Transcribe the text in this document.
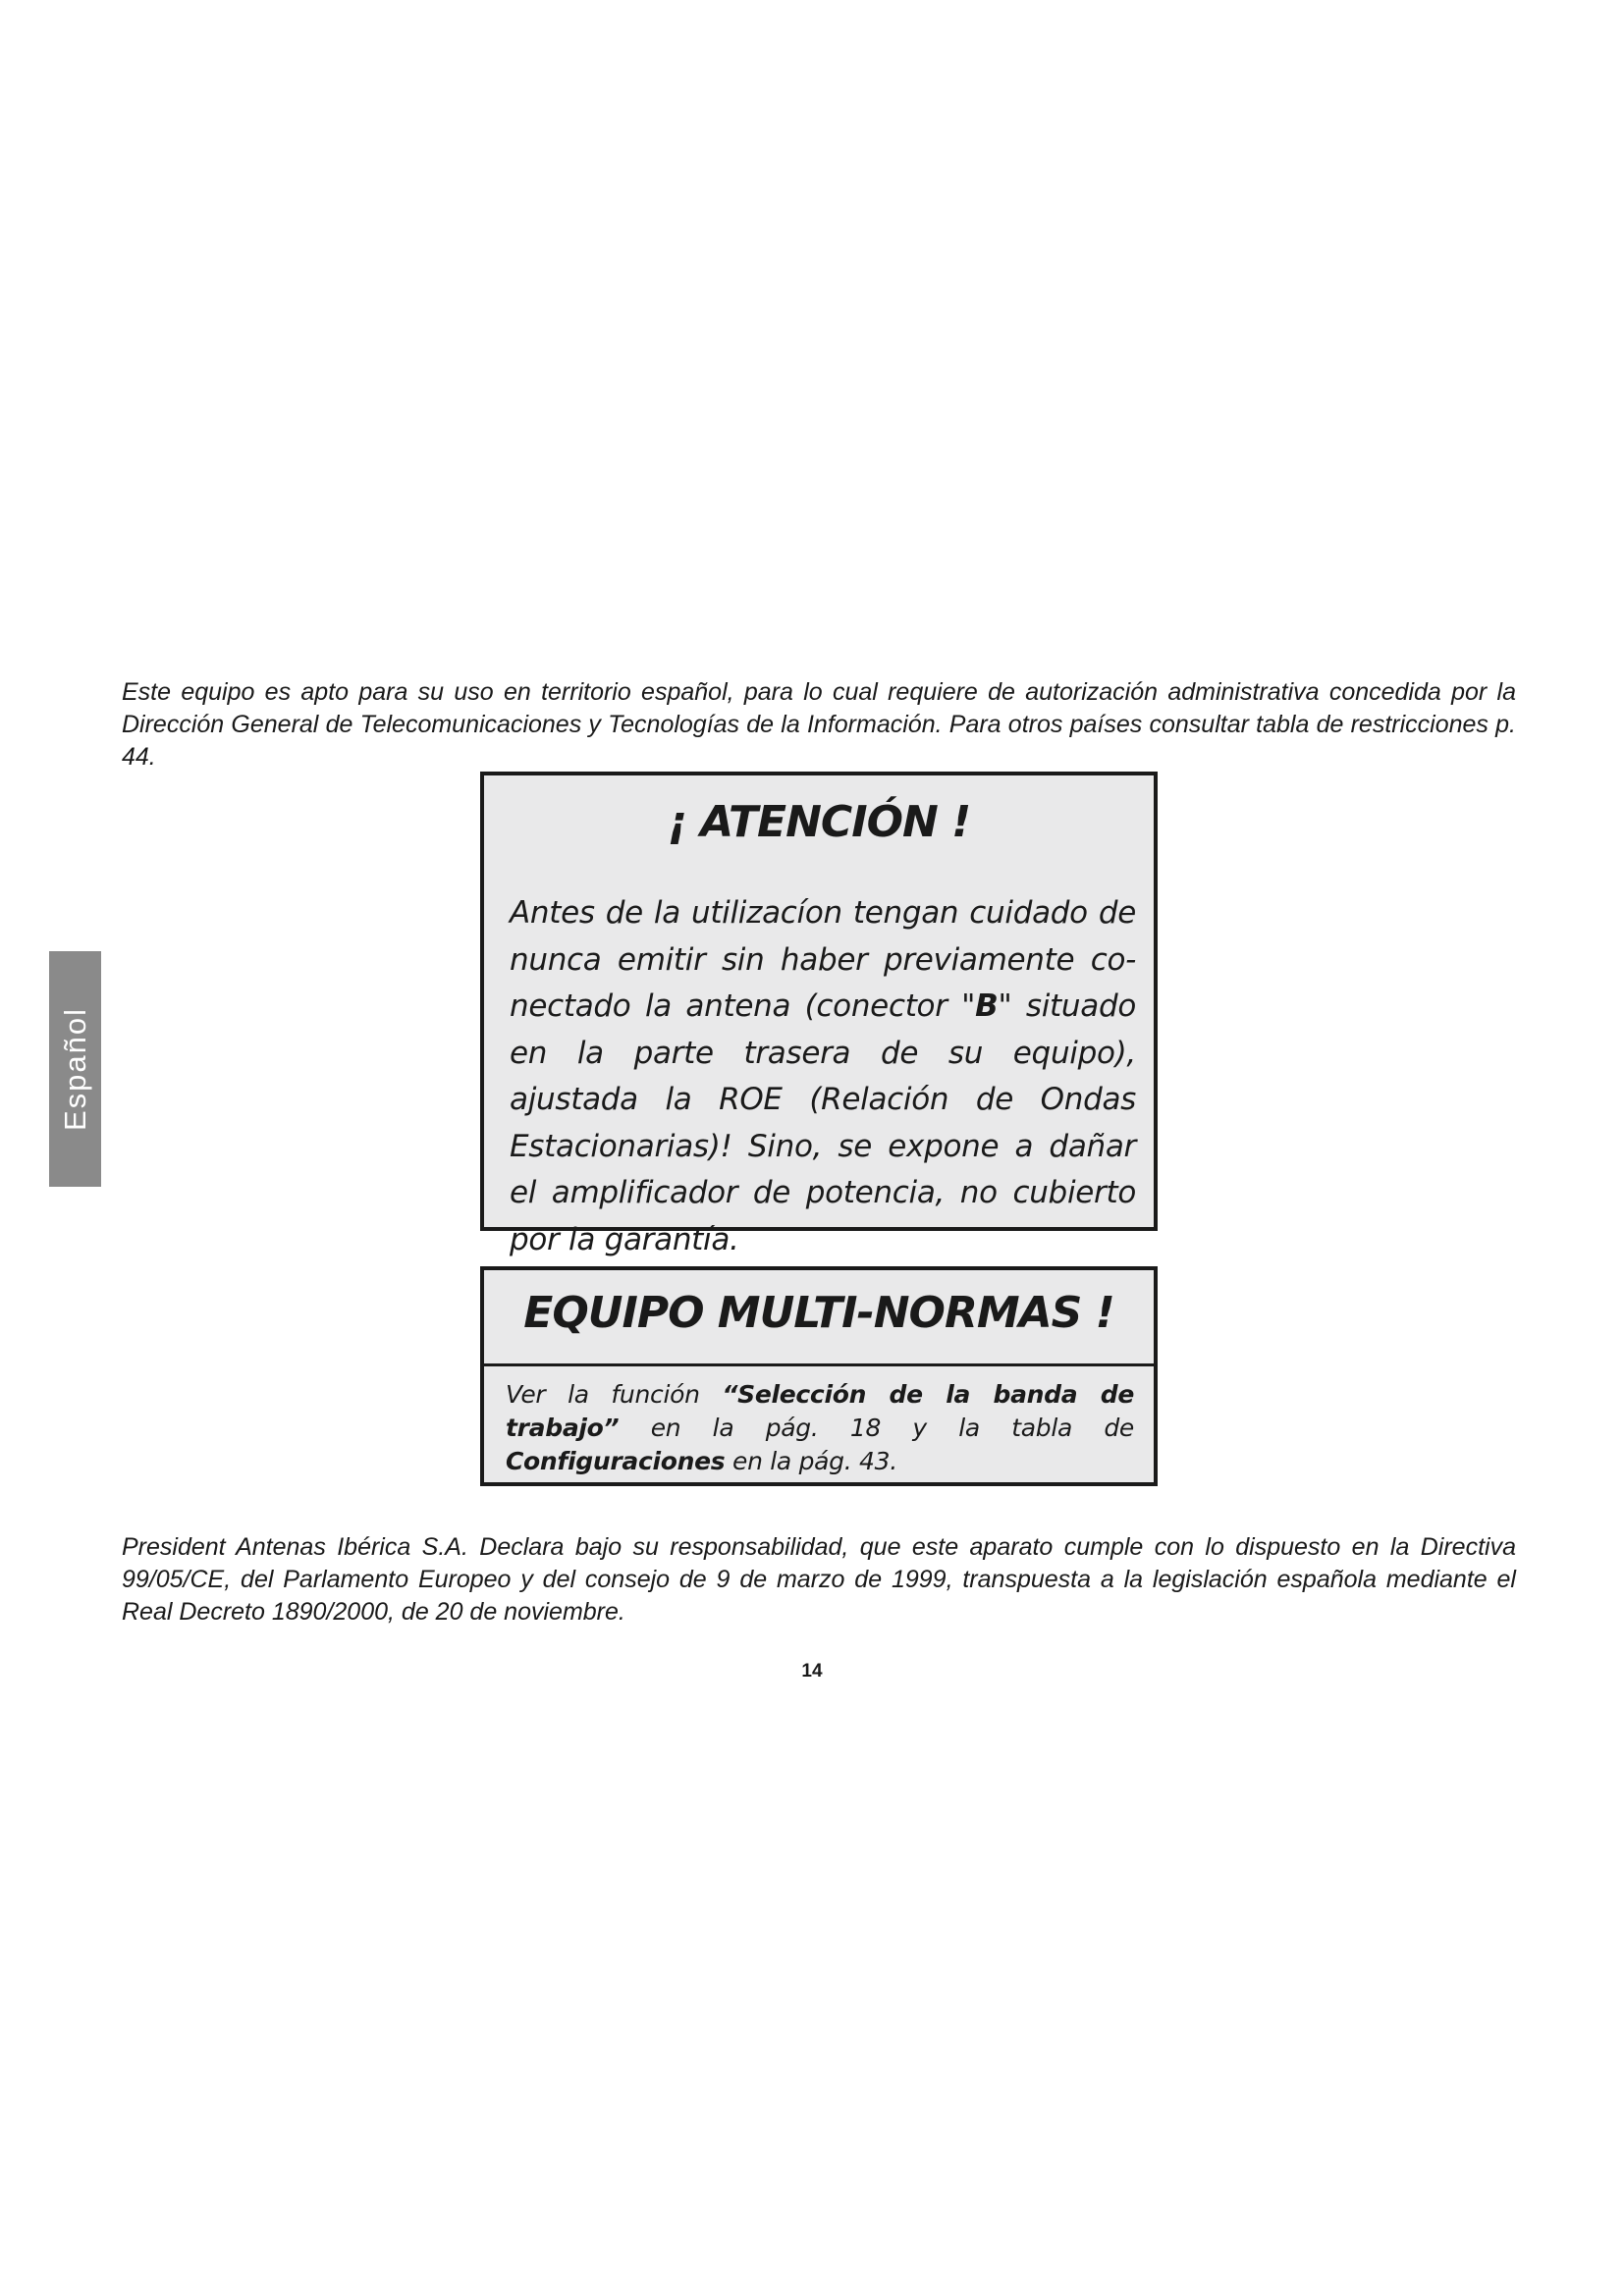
Este equipo es apto para su uso en territorio español, para lo cual requiere de autorización administrativa concedida por la Dirección General de Telecomunicaciones y Tecnologías de la Información. Para otros países consultar tabla de restricciones p. 44.

Español

¡ ATENCIÓN !

Antes de la utilizacíon tengan cuidado de nunca emitir sin haber previamente co-nectado la antena (conector "B" situado en la parte trasera de su equipo), ajustada la ROE (Relación de Ondas Estacionarias)! Sino, se expone a dañar el amplificador de potencia, no cubierto por la garantía.

EQUIPO MULTI-NORMAS !

Ver la función “Selección de la banda de trabajo” en la pág. 18 y la tabla de Configuraciones en la pág. 43.

President Antenas Ibérica S.A. Declara bajo su responsabilidad, que este aparato cumple con lo dispuesto en la Directiva 99/05/CE, del Parlamento Europeo y del consejo de 9 de marzo de 1999, transpuesta a la legislación española mediante el Real Decreto 1890/2000, de 20 de noviembre.

14
